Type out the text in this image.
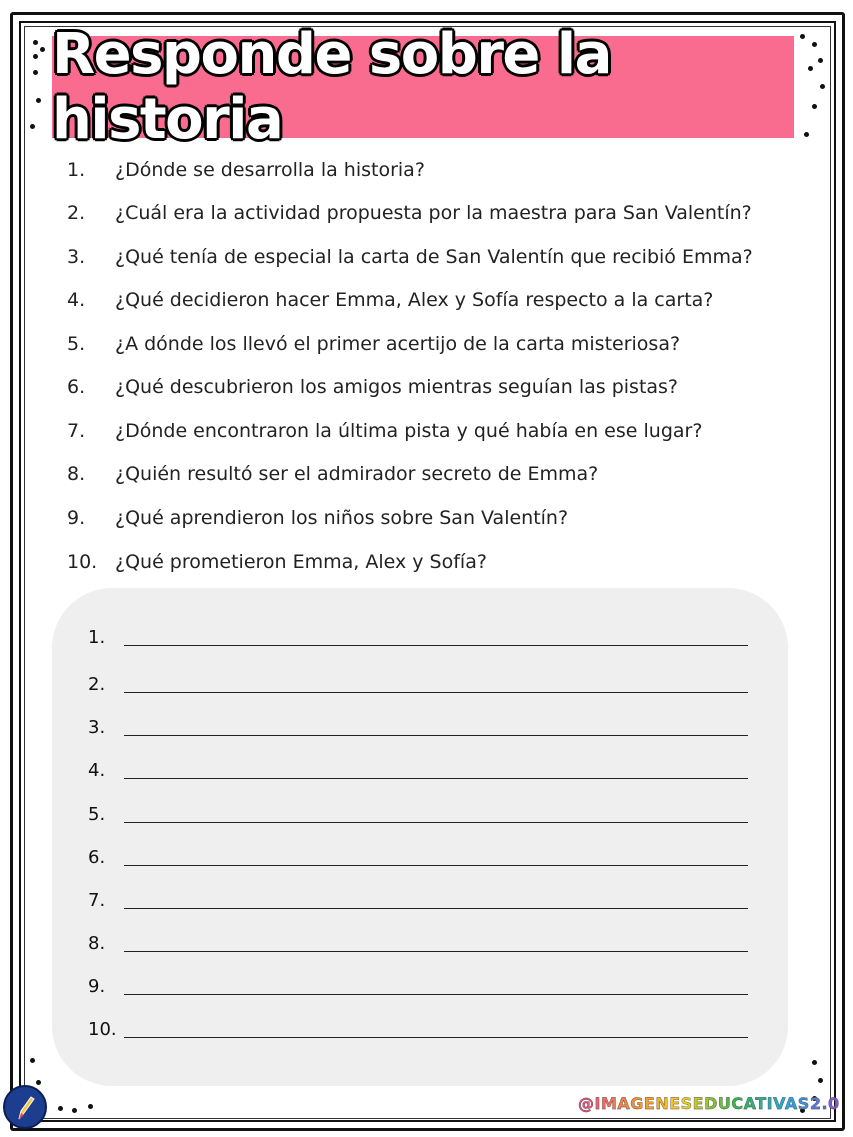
Responde sobre la historia
1.	¿Dónde se desarrolla la historia?
2.	¿Cuál era la actividad propuesta por la maestra para San Valentín?
3.	¿Qué tenía de especial la carta de San Valentín que recibió Emma?
4.	¿Qué decidieron hacer Emma, Alex y Sofía respecto a la carta?
5.	¿A dónde los llevó el primer acertijo de la carta misteriosa?
6.	¿Qué descubrieron los amigos mientras seguían las pistas?
7.	¿Dónde encontraron la última pista y qué había en ese lugar?
8.	¿Quién resultó ser el admirador secreto de Emma?
9.	¿Qué aprendieron los niños sobre San Valentín?
10. ¿Qué prometieron Emma, Alex y Sofía?
1.
2.
3.
4.
5.
6.
7.
8.
9.
10.
@IMAGENESEDUCATIVAS2.0
